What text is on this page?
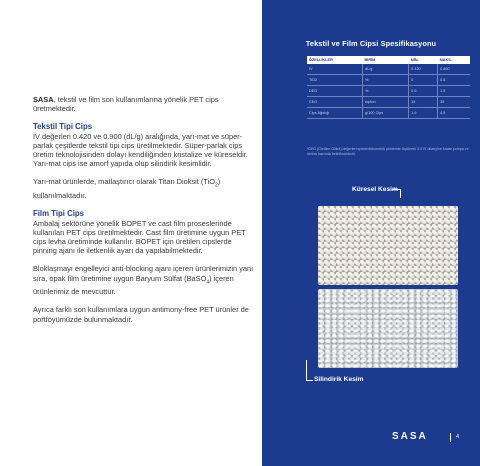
SASA, tekstil ve film son kullanımlarına yönelik PET cips üretmektedir.

Tekstil Tipi Cips

IV değerleri 0.420 ve 0.900 (dL/g) aralığında, yarı-mat ve süper-parlak çeşitlerde tekstil tipi cips üretilmektedir. Süper-parlak cips üretim teknolojisinden dolayı kendiliğinden kristalize ve küreseldir. Yarı-mat cips ise amorf yapıda olup silindirik kesimlidir.

Yarı-mat ürünlerde, matlaştırıcı olarak Titan Dioksit (TiO$_2$) kullanılmaktadır.

Film Tipi Cips

Ambalaj sektörüne yönelik BOPET ve cast film proseslerinde kullanılan PET cips üretilmektedir. Cast film üretimine uygun PET cips levha üretiminde kullanılır. BOPET için üretilen cipslerde pinning ajanı ile iletkenlik ayarı da yapılabilmektedir.

Bloklaşmayı engelleyici anti-blocking ajanı içeren ürünlerimizin yanı sıra, opak film üretimine uygun Baryum Sülfat (BaSO$_4$) içeren ürünlerimiz de mevcuttur.

Ayrıca farklı son kullanımlara uygun antimony-free PET ürünler de portföyümüzde bulunmaktadır.

Tekstil ve Film Cipsi Spesifikasyonu
ÖZELLİKLER	BİRİM	MİN.	MAKS.
IV	dL/g	0.420	0.860
TiO2	%	0	0.6
DEG	%	0.6	1.5
CEG	eq/ton	15	35
Cips Ağırlığı	g/100 Cips	1.6	4.5
*DEG (Dietilen Glikol) değerleri spektrofotometrik yöntemle ölçülerek 0.9 IV düzeyine kadar pompa ve üretim bazında belirtilmektedir.
Küresel Kesim
Silindirik Kesim
SASA	4
